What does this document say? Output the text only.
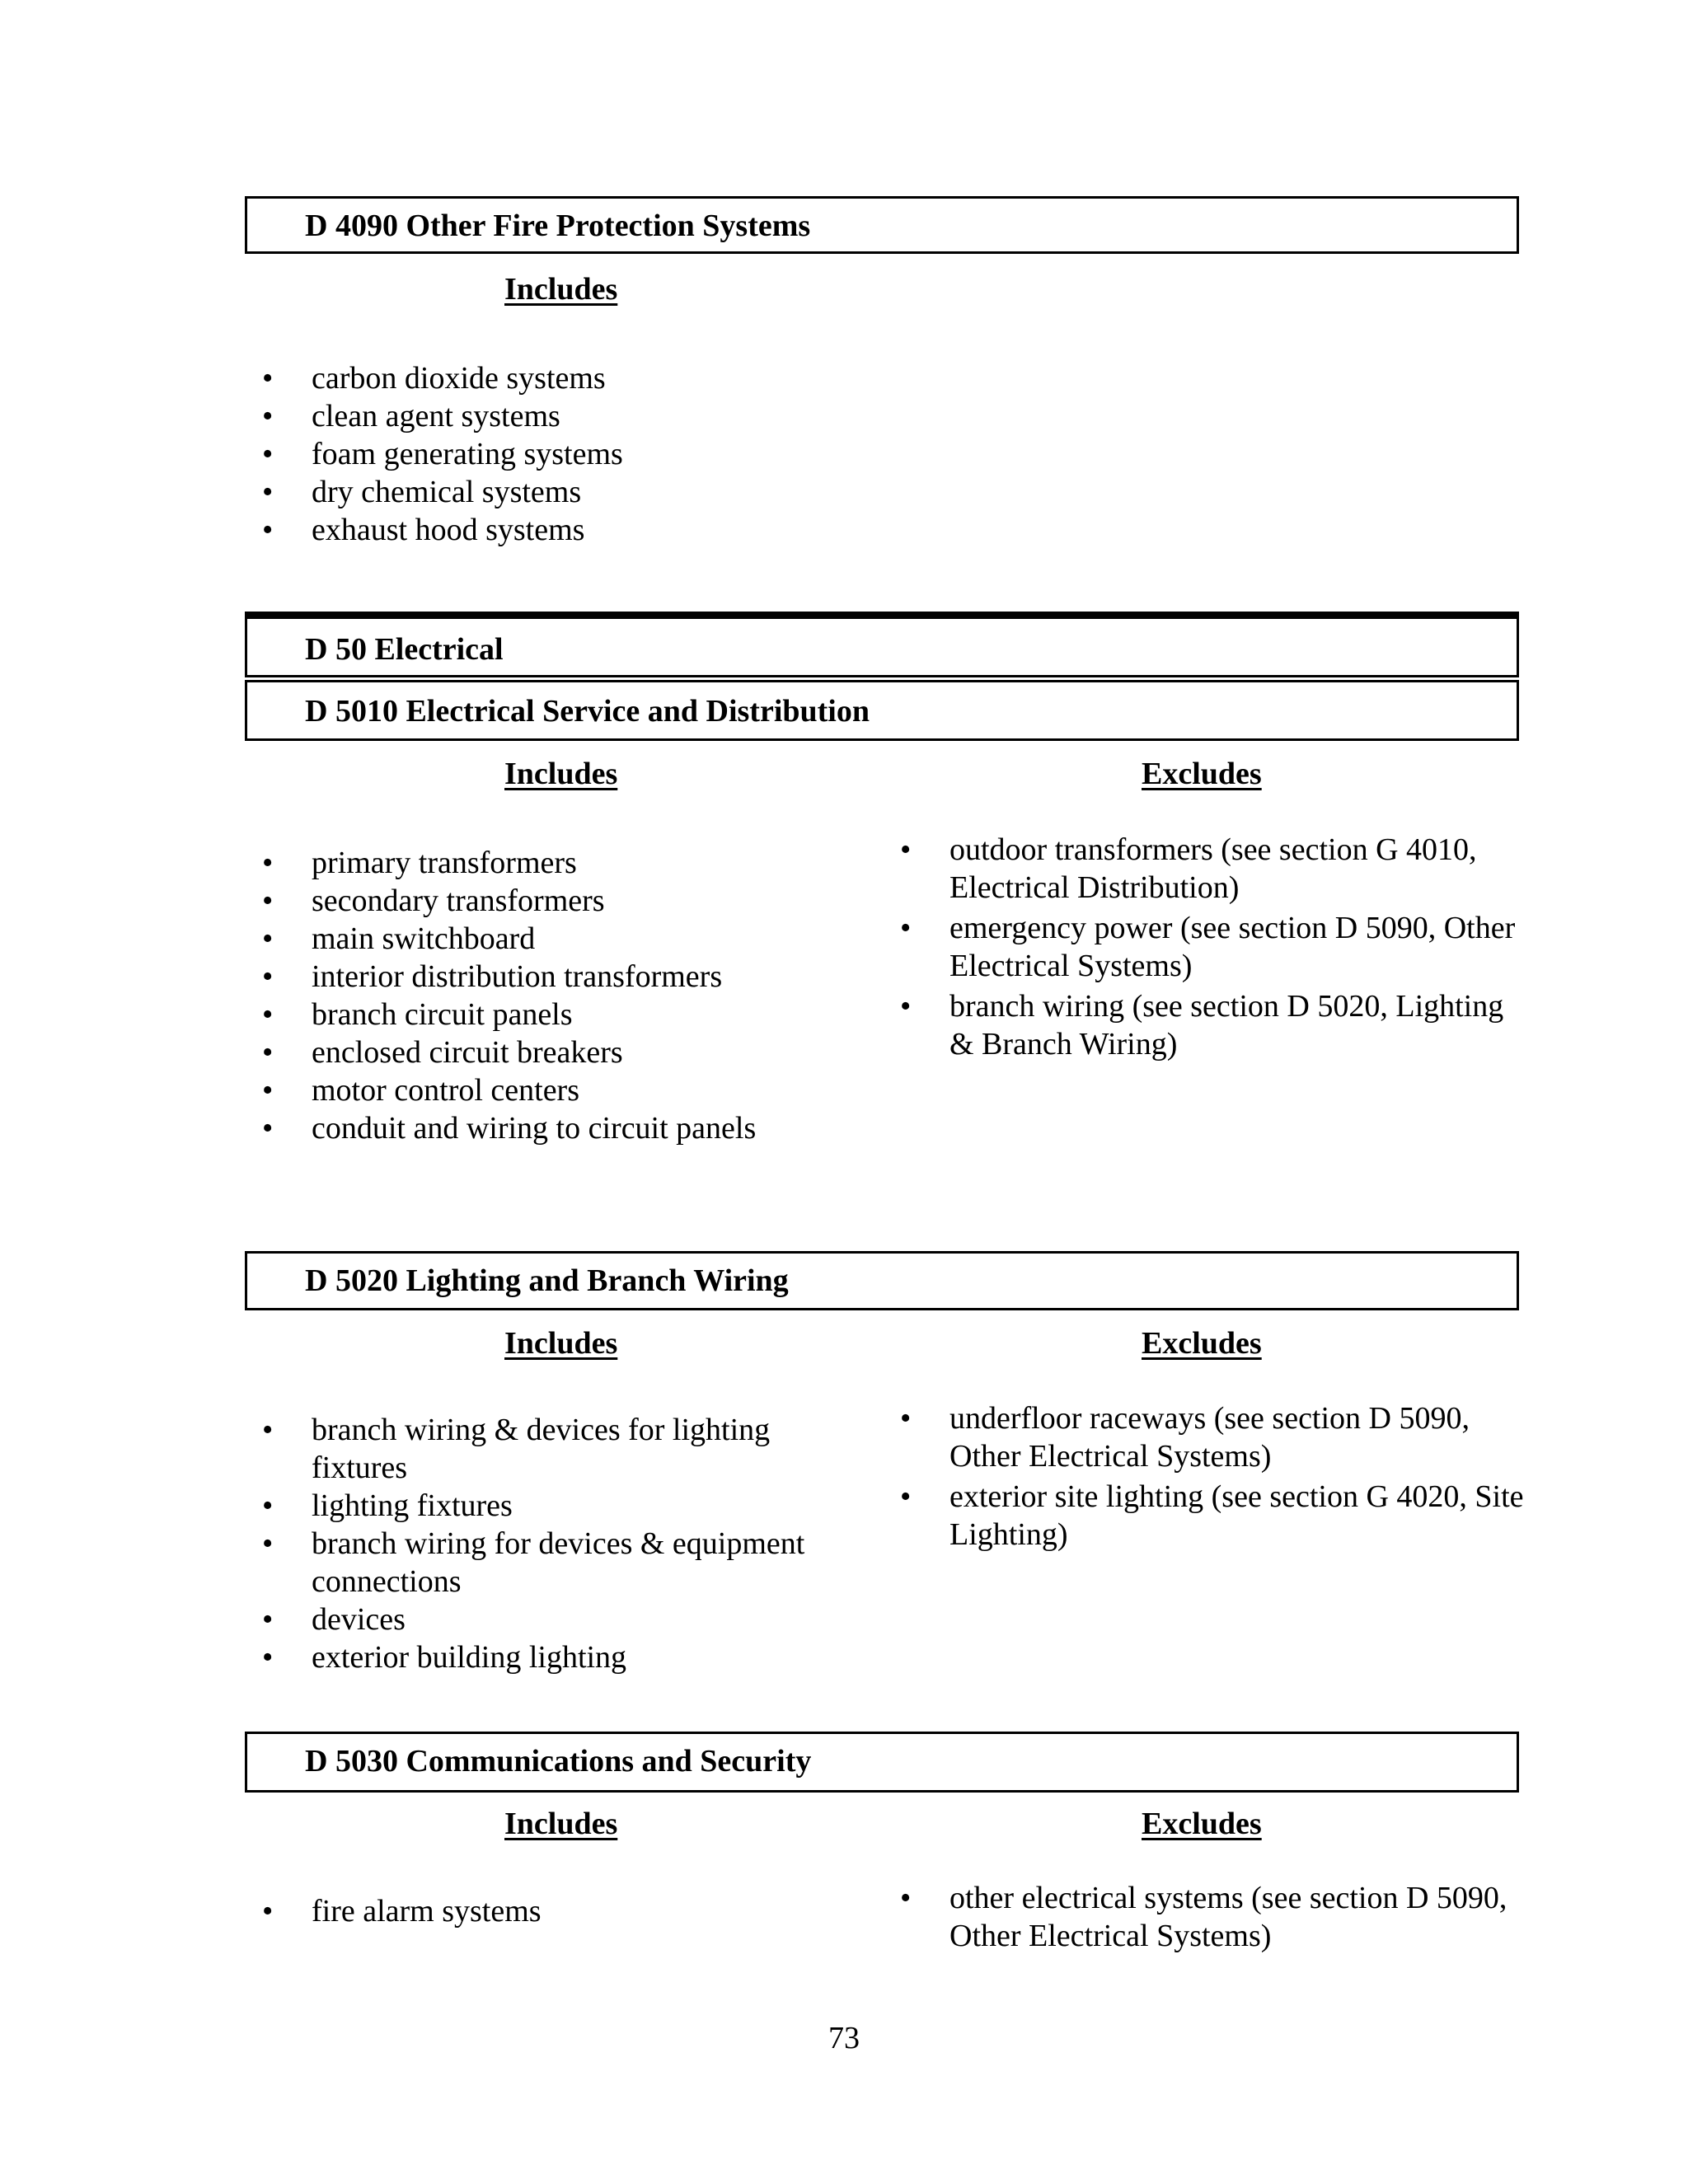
D 4090 Other Fire Protection Systems
Includes
•	carbon dioxide systems
•	clean agent systems
•	foam generating systems
•	dry chemical systems
•	exhaust hood systems
D 50 Electrical
D 5010 Electrical Service and Distribution
Includes	Excludes
•	primary transformers
•	secondary transformers
•	main switchboard
•	interior distribution transformers
•	branch circuit panels
•	enclosed circuit breakers
•	motor control centers
•	conduit and wiring to circuit panels
•	outdoor transformers (see section G 4010, Electrical Distribution)
•	emergency power (see section D 5090, Other Electrical Systems)
•	branch wiring (see section D 5020, Lighting & Branch Wiring)
D 5020 Lighting and Branch Wiring
Includes	Excludes
•	branch wiring & devices for lighting fixtures
•	lighting fixtures
•	branch wiring for devices & equipment connections
•	devices
•	exterior building lighting
•	underfloor raceways (see section D 5090, Other Electrical Systems)
•	exterior site lighting (see section G 4020, Site Lighting)
D 5030 Communications and Security
Includes	Excludes
•	fire alarm systems	•	other electrical systems (see section D 5090, Other Electrical Systems)
73
